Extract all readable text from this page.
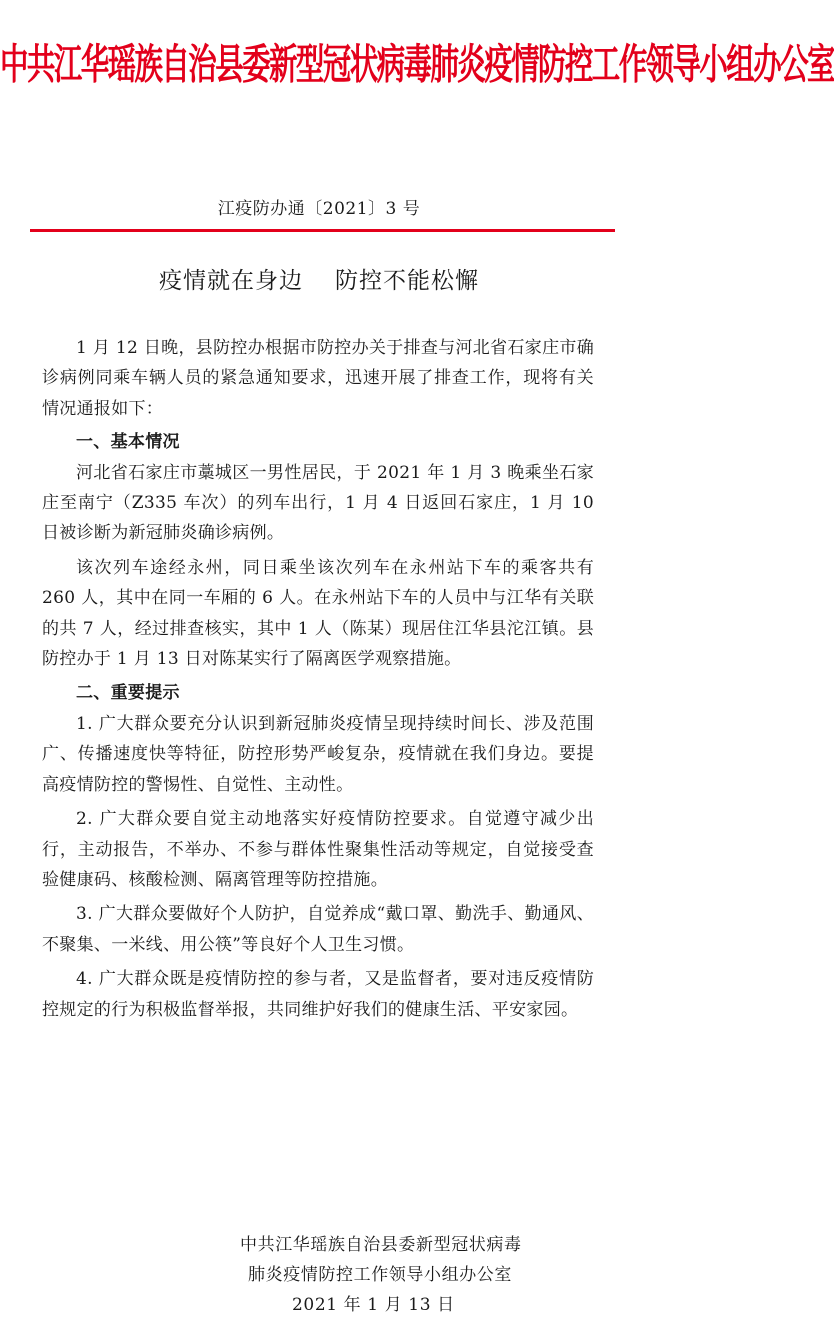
中共江华瑶族自治县委新型冠状病毒肺炎疫情防控工作领导小组办公室
江疫防办通〔2021〕3 号
疫情就在身边 防控不能松懈

1 月 12 日晚，县防控办根据市防控办关于排查与河北省石家庄市确诊病例同乘车辆人员的紧急通知要求，迅速开展了排查工作，现将有关情况通报如下：

一、基本情况

河北省石家庄市藁城区一男性居民，于 2021 年 1 月 3 晚乘坐石家庄至南宁（Z335 车次）的列车出行，1 月 4 日返回石家庄，1 月 10 日被诊断为新冠肺炎确诊病例。

该次列车途经永州，同日乘坐该次列车在永州站下车的乘客共有 260 人，其中在同一车厢的 6 人。在永州站下车的人员中与江华有关联的共 7 人，经过排查核实，其中 1 人（陈某）现居住江华县沱江镇。县防控办于 1 月 13 日对陈某实行了隔离医学观察措施。

二、重要提示

1. 广大群众要充分认识到新冠肺炎疫情呈现持续时间长、涉及范围广、传播速度快等特征，防控形势严峻复杂，疫情就在我们身边。要提高疫情防控的警惕性、自觉性、主动性。

2. 广大群众要自觉主动地落实好疫情防控要求。自觉遵守减少出行，主动报告，不举办、不参与群体性聚集性活动等规定，自觉接受查验健康码、核酸检测、隔离管理等防控措施。

3. 广大群众要做好个人防护，自觉养成“戴口罩、勤洗手、勤通风、不聚集、一米线、用公筷”等良好个人卫生习惯。

4. 广大群众既是疫情防控的参与者，又是监督者，要对违反疫情防控规定的行为积极监督举报，共同维护好我们的健康生活、平安家园。

中共江华瑶族自治县委新型冠状病毒
肺炎疫情防控工作领导小组办公室
2021 年 1 月 13 日
